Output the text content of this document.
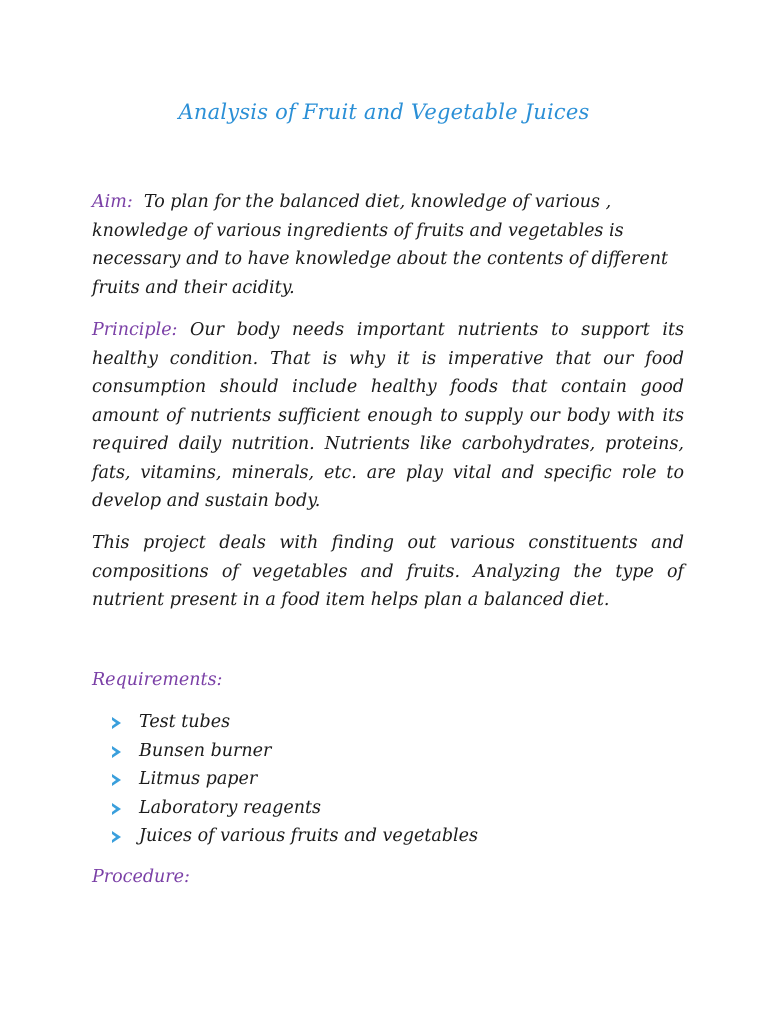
Analysis of Fruit and Vegetable Juices
Aim: To plan for the balanced diet, knowledge of various , knowledge of various ingredients of fruits and vegetables is necessary and to have knowledge about the contents of different fruits and their acidity.
Principle: Our body needs important nutrients to support its healthy condition. That is why it is imperative that our food consumption should include healthy foods that contain good amount of nutrients sufficient enough to supply our body with its required daily nutrition. Nutrients like carbohydrates, proteins, fats, vitamins, minerals, etc. are play vital and specific role to develop and sustain body.
This project deals with finding out various constituents and compositions of vegetables and fruits. Analyzing the type of nutrient present in a food item helps plan a balanced diet.
Requirements:
Test tubes
Bunsen burner
Litmus paper
Laboratory reagents
Juices of various fruits and vegetables
Procedure:
